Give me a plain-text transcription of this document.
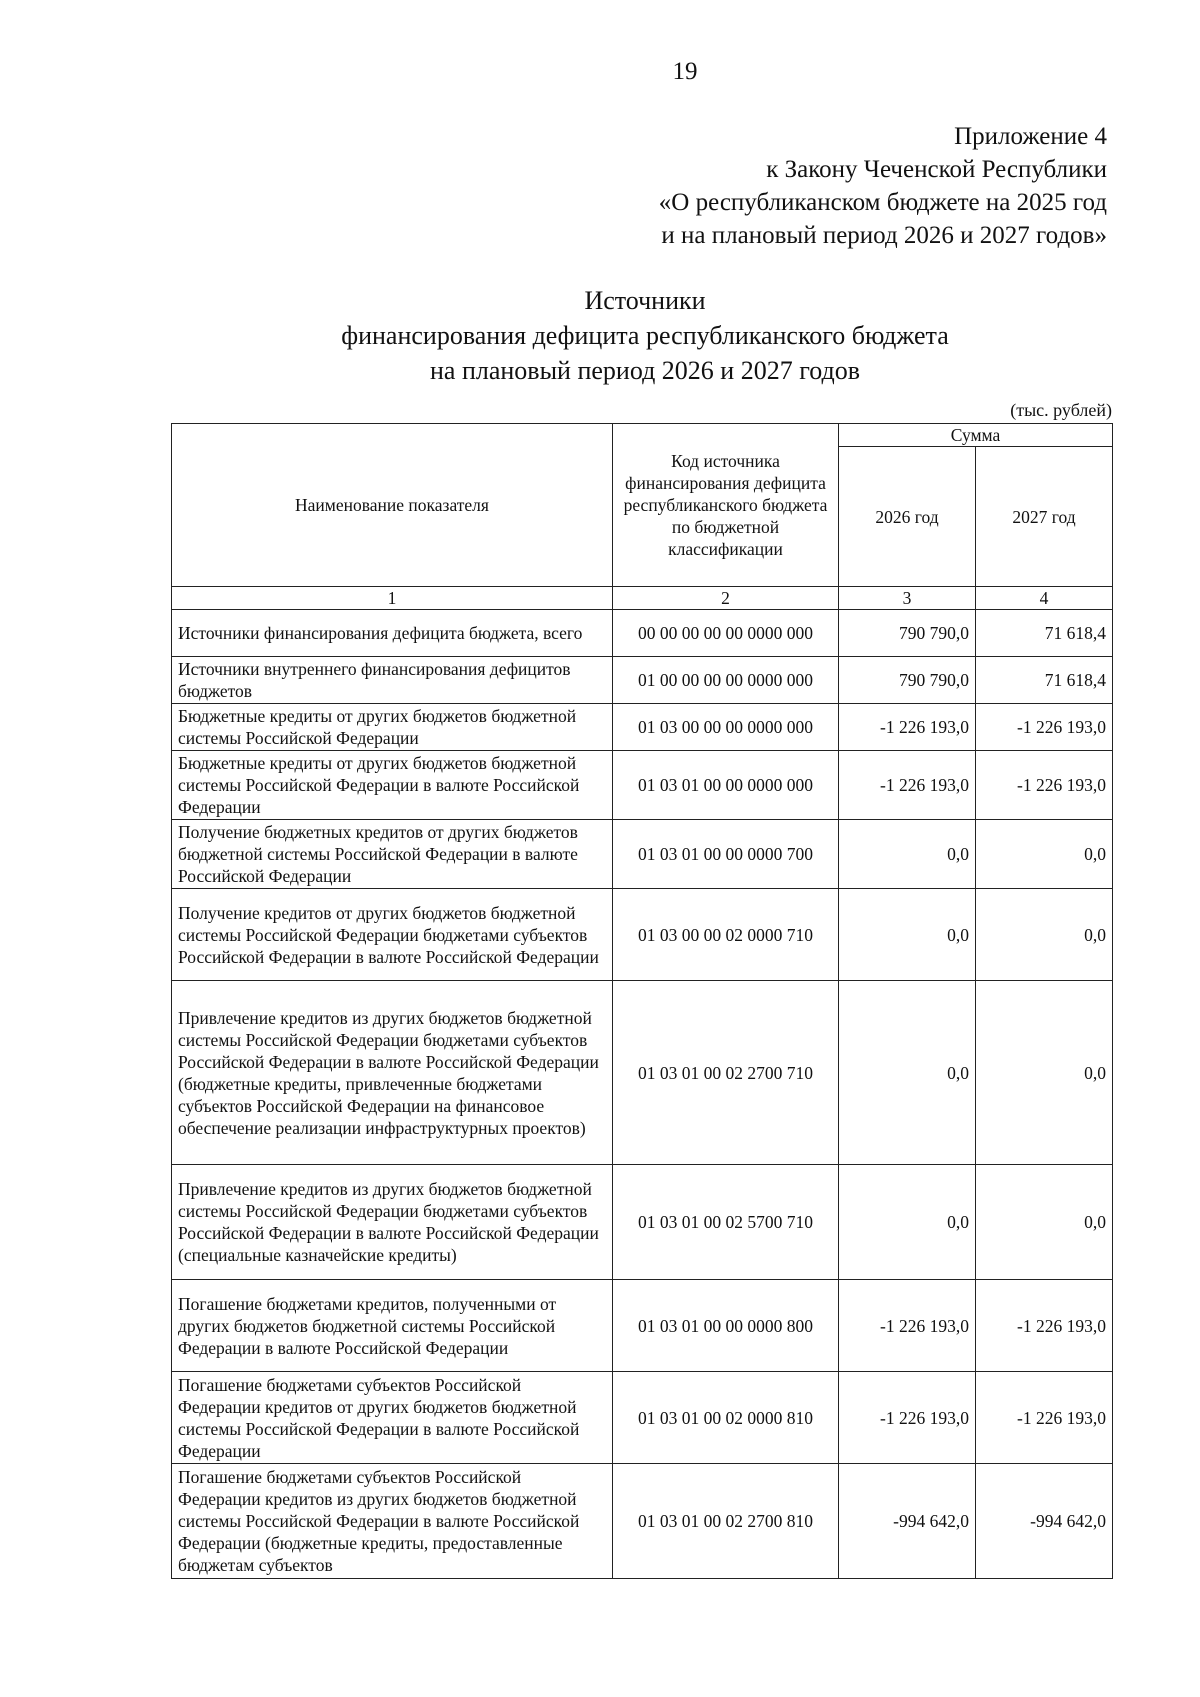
19
Приложение 4
к Закону Чеченской Республики
«О республиканском бюджете на 2025 год
и на плановый период 2026 и 2027 годов»
Источники
финансирования дефицита республиканского бюджета
на плановый период 2026 и 2027 годов
(тыс. рублей)
Наименование показателя	Код источника финансирования дефицита республиканского бюджета по бюджетной классификации	Сумма	
		2026 год	2027 год
1	2	3	4
Источники финансирования дефицита бюджета, всего	00 00 00 00 00 0000 000	790 790,0	71 618,4
Источники внутреннего финансирования дефицитов бюджетов	01 00 00 00 00 0000 000	790 790,0	71 618,4
Бюджетные кредиты от других бюджетов бюджетной системы Российской Федерации	01 03 00 00 00 0000 000	-1 226 193,0	-1 226 193,0
Бюджетные кредиты от других бюджетов бюджетной системы Российской Федерации в валюте Российской Федерации	01 03 01 00 00 0000 000	-1 226 193,0	-1 226 193,0
Получение бюджетных кредитов от других бюджетов бюджетной системы Российской Федерации в валюте Российской Федерации	01 03 01 00 00 0000 700	0,0	0,0
Получение кредитов от других бюджетов бюджетной системы Российской Федерации бюджетами субъектов Российской Федерации в валюте Российской Федерации	01 03 00 00 02 0000 710	0,0	0,0
Привлечение кредитов из других бюджетов бюджетной системы Российской Федерации бюджетами субъектов Российской Федерации в валюте Российской Федерации (бюджетные кредиты, привлеченные бюджетами субъектов Российской Федерации на финансовое обеспечение реализации инфраструктурных проектов)	01 03 01 00 02 2700 710	0,0	0,0
Привлечение кредитов из других бюджетов бюджетной системы Российской Федерации бюджетами субъектов Российской Федерации в валюте Российской Федерации (специальные казначейские кредиты)	01 03 01 00 02 5700 710	0,0	0,0
Погашение бюджетами кредитов, полученными от других бюджетов бюджетной системы Российской Федерации в валюте Российской Федерации	01 03 01 00 00 0000 800	-1 226 193,0	-1 226 193,0
Погашение бюджетами субъектов Российской Федерации кредитов от других бюджетов бюджетной системы Российской Федерации в валюте Российской Федерации	01 03 01 00 02 0000 810	-1 226 193,0	-1 226 193,0
Погашение бюджетами субъектов Российской Федерации кредитов из других бюджетов бюджетной системы Российской Федерации в валюте Российской Федерации (бюджетные кредиты, предоставленные бюджетам субъектов	01 03 01 00 02 2700 810	-994 642,0	-994 642,0
